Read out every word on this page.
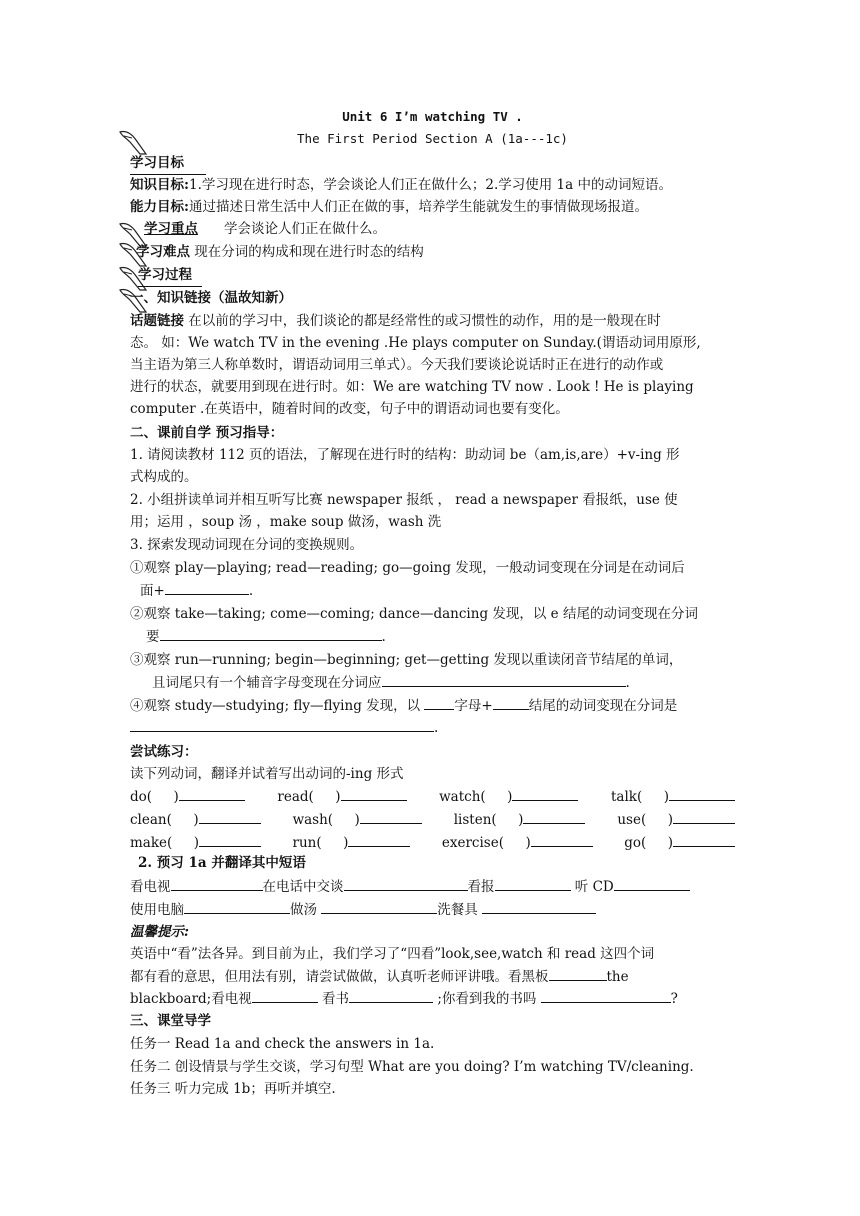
Unit 6 I’m watching TV .
The First Period Section A (1a---1c)
学习目标
知识目标:1.学习现在进行时态，学会谈论人们正在做什么；2.学习使用 1a 中的动词短语。
能力目标:通过描述日常生活中人们正在做的事，培养学生能就发生的事情做现场报道。
学习重点 学会谈论人们正在做什么。
学习难点 现在分词的构成和现在进行时态的结构
学习过程
一、知识链接（温故知新）
话题链接 在以前的学习中，我们谈论的都是经常性的或习惯性的动作，用的是一般现在时
态。 如：We watch TV in the evening .He plays computer on Sunday.(谓语动词用原形,
当主语为第三人称单数时，谓语动词用三单式）。今天我们要谈论说话时正在进行的动作或
进行的状态，就要用到现在进行时。如：We are watching TV now . Look ! He is playing
computer .在英语中，随着时间的改变，句子中的谓语动词也要有变化。
二、课前自学 预习指导：
1. 请阅读教材 112 页的语法，了解现在进行时的结构：助动词 be（am,is,are）+v-ing 形
式构成的。
2. 小组拼读单词并相互听写比赛 newspaper 报纸 ， read a newspaper 看报纸，use 使
用；运用 ，soup 汤 ，make soup 做汤，wash 洗
3. 探索发现动词现在分词的变换规则。
①观察 play—playing; read—reading; go—going 发现，一般动词变现在分词是在动词后
面+	.
②观察 take—taking; come—coming; dance—dancing 发现，以 e 结尾的动词变现在分词
要	.
③观察 run—running; begin—beginning; get—getting 发现以重读闭音节结尾的单词，
且词尾只有一个辅音字母变现在分词应	.
④观察 study—studying; fly—flying 发现，以 字母+	结尾的动词变现在分词是
.
尝试练习：
读下列动词，翻译并试着写出动词的-ing 形式
do(     )	read(     )	watch(     )	talk(     )
clean(     )	wash(     )	listen(     )	use(     )
make(     )	run(     )	exercise(     )	go(     )
2. 预习 1a 并翻译其中短语
看电视	在电话中交谈	看报	听 CD
使用电脑	做汤	洗餐具
温馨提示:
英语中“看”法各异。到目前为止，我们学习了“四看”look,see,watch 和 read 这四个词
都有看的意思，但用法有别，请尝试做做，认真听老师评讲哦。看黑板	the
blackboard;看电视	看书	;你看到我的书吗	?
三、课堂导学
任务一 Read 1a and check the answers in 1a.
任务二 创设情景与学生交谈，学习句型 What are you doing? I’m watching TV/cleaning.
任务三 听力完成 1b；再听并填空.
